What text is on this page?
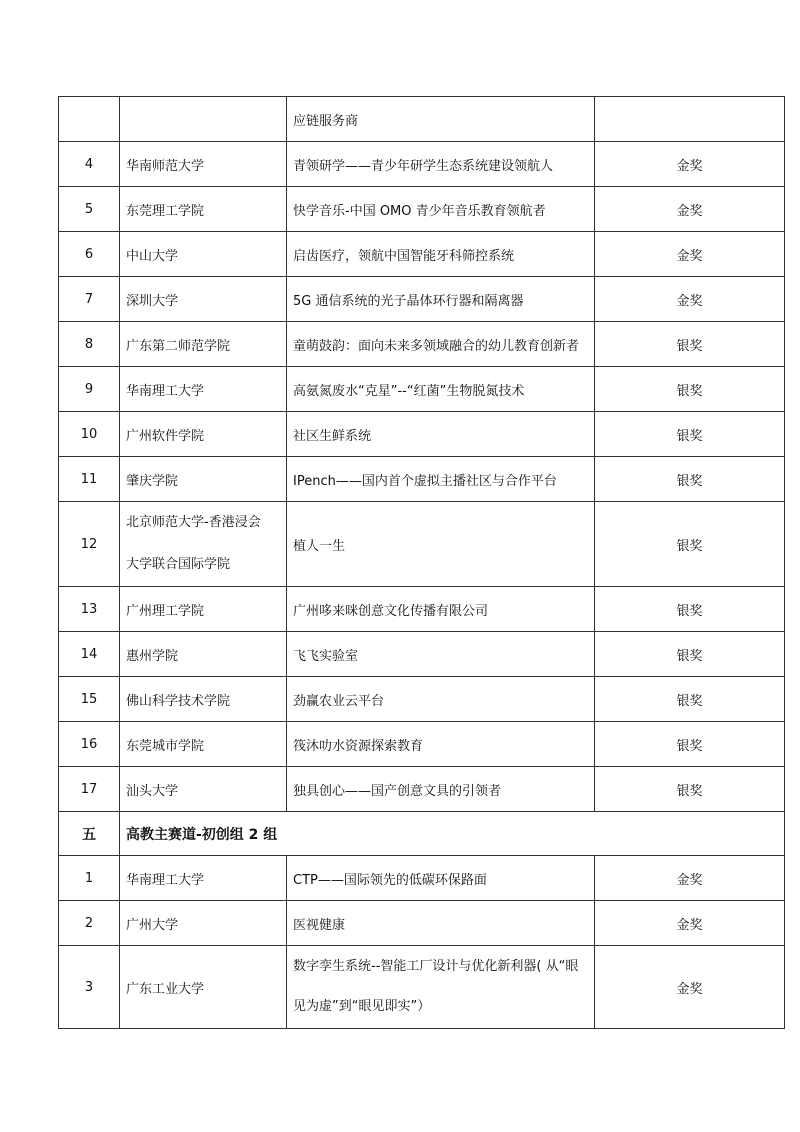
		应链服务商	
4	华南师范大学	青领研学——青少年研学生态系统建设领航人	金奖
5	东莞理工学院	快学音乐-中国 OMO 青少年音乐教育领航者	金奖
6	中山大学	启齿医疗，领航中国智能牙科筛控系统	金奖
7	深圳大学	5G 通信系统的光子晶体环行器和隔离器	金奖
8	广东第二师范学院	童萌鼓韵：面向未来多领域融合的幼儿教育创新者	银奖
9	华南理工大学	高氨氮废水“克星”--“红菌”生物脱氮技术	银奖
10	广州软件学院	社区生鲜系统	银奖
11	肇庆学院	IPench——国内首个虚拟主播社区与合作平台	银奖
12	北京师范大学-香港浸会
大学联合国际学院	植人一生	银奖
13	广州理工学院	广州哆来咪创意文化传播有限公司	银奖
14	惠州学院	飞飞实验室	银奖
15	佛山科学技术学院	劲赢农业云平台	银奖
16	东莞城市学院	筏沐叻水资源探索教育	银奖
17	汕头大学	独具创心——国产创意文具的引领者	银奖
五	高教主赛道-初创组 2 组		
1	华南理工大学	CTP——国际领先的低碳环保路面	金奖
2	广州大学	医视健康	金奖
3	广东工业大学	数字孪生系统--智能工厂设计与优化新利器( 从“眼
见为虚”到“眼见即实”）	金奖
